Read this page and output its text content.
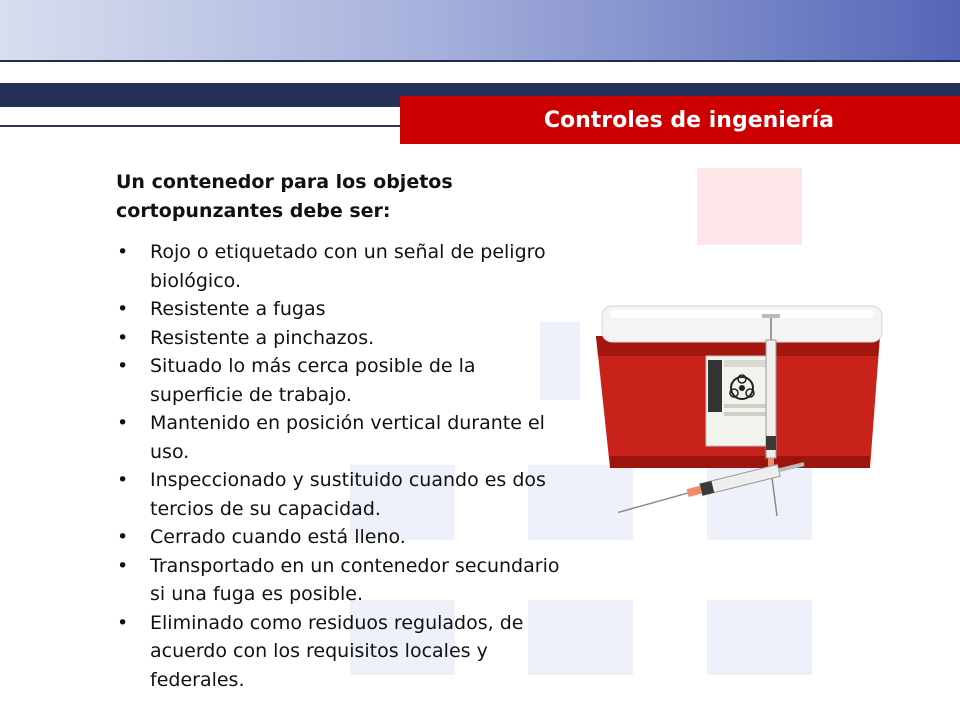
Controles de ingeniería

Un contenedor para los objetos cortopunzantes debe ser:

• Rojo o etiquetado con un señal de peligro biológico.
• Resistente a fugas
• Resistente a pinchazos.
• Situado lo más cerca posible de la superficie de trabajo.
• Mantenido en posición vertical durante el uso.
• Inspeccionado y sustituido cuando es dos tercios de su capacidad.
• Cerrado cuando está lleno.
• Transportado en un contenedor secundario si una fuga es posible.
• Eliminado como residuos regulados, de acuerdo con los requisitos locales y federales.
